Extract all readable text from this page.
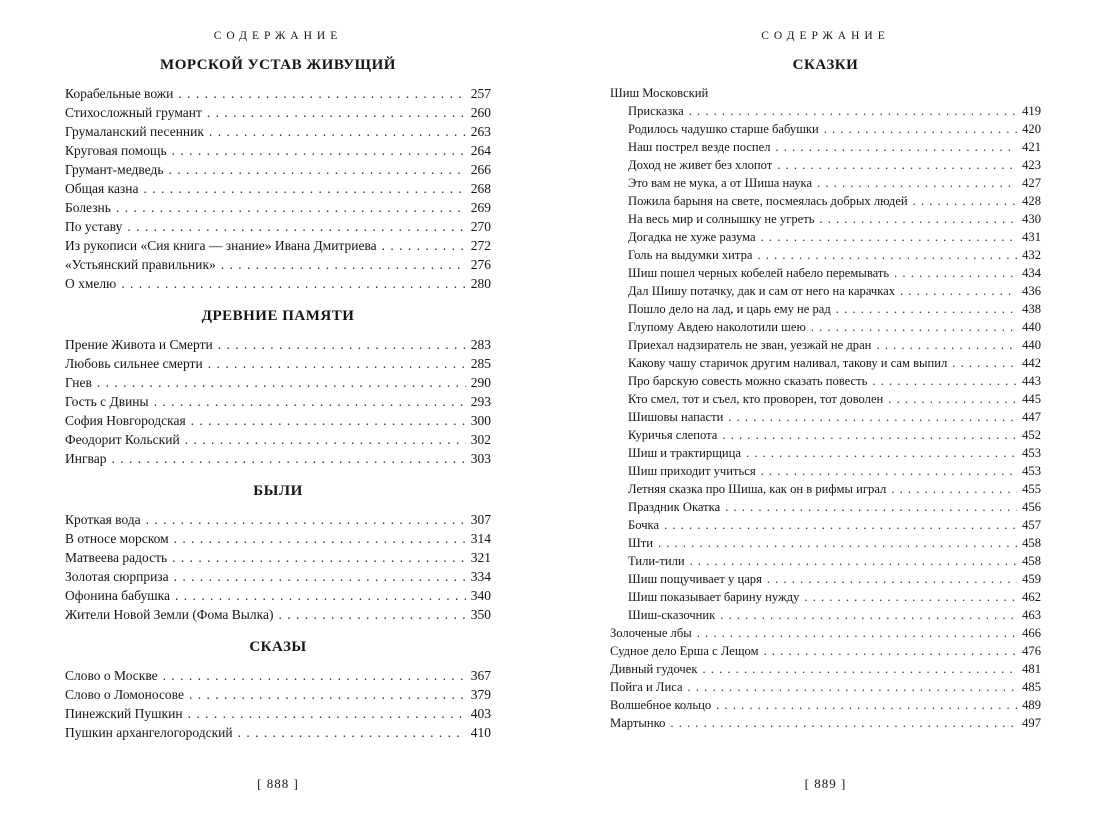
СОДЕРЖАНИЕ
МОРСКОЙ УСТАВ ЖИВУЩИЙ
Корабельные вожи . . .	257
Стихосложный грумант . . .	260
Грумаланский песенник . . .	263
Круговая помощь . . .	264
Грумант-медведь . . .	266
Общая казна . . .	268
Болезнь . . .	269
По уставу . . .	270
Из рукописи «Сия книга — знание» Ивана Дмитриева . . .	272
«Устьянский правильник» . . .	276
О хмелю . . .	280
ДРЕВНИЕ ПАМЯТИ
Прение Живота и Смерти . . .	283
Любовь сильнее смерти . . .	285
Гнев . . .	290
Гость с Двины . . .	293
София Новгородская . . .	300
Феодорит Кольский . . .	302
Ингвар . . .	303
БЫЛИ
Кроткая вода . . .	307
В относе морском . . .	314
Матвеева радость . . .	321
Золотая сюрприза . . .	334
Офонина бабушка . . .	340
Жители Новой Земли (Фома Вылка) . . .	350
СКАЗЫ
Слово о Москве . . .	367
Слово о Ломоносове . . .	379
Пинежский Пушкин . . .	403
Пушкин архангелогородский . . .	410
[ 888 ]
СОДЕРЖАНИЕ
СКАЗКИ
Шиш Московский
Присказка . . .	419
Родилось чадушко старше бабушки . . .	420
Наш пострел везде поспел . . .	421
Доход не живет без хлопот . . .	423
Это вам не мука, а от Шиша наука . . .	427
Пожила барыня на свете, посмеялась добрых людей . . .	428
На весь мир и солнышку не угреть . . .	430
Догадка не хуже разума . . .	431
Голь на выдумки хитра . . .	432
Шиш пошел черных кобелей набело перемывать . . .	434
Дал Шишу потачку, дак и сам от него на карачках . . .	436
Пошло дело на лад, и царь ему не рад . . .	438
Глупому Авдею наколотили шею . . .	440
Приехал надзиратель не зван, уезжай не дран . . .	440
Какову чашу старичок другим наливал, такову и сам выпил . . .	442
Про барскую совесть можно сказать повесть . . .	443
Кто смел, тот и съел, кто проворен, тот доволен . . .	445
Шишовы напасти . . .	447
Куричья слепота . . .	452
Шиш и трактирщица . . .	453
Шиш приходит учиться . . .	453
Летняя сказка про Шиша, как он в рифмы играл . . .	455
Праздник Окатка . . .	456
Бочка . . .	457
Шти . . .	458
Тили-тили . . .	458
Шиш пощучивает у царя . . .	459
Шиш показывает барину нужду . . .	462
Шиш-сказочник . . .	463
Золоченые лбы . . .	466
Судное дело Ерша с Лещом . . .	476
Дивный гудочек . . .	481
Пойга и Лиса . . .	485
Волшебное кольцо . . .	489
Мартынко . . .	497
[ 889 ]
